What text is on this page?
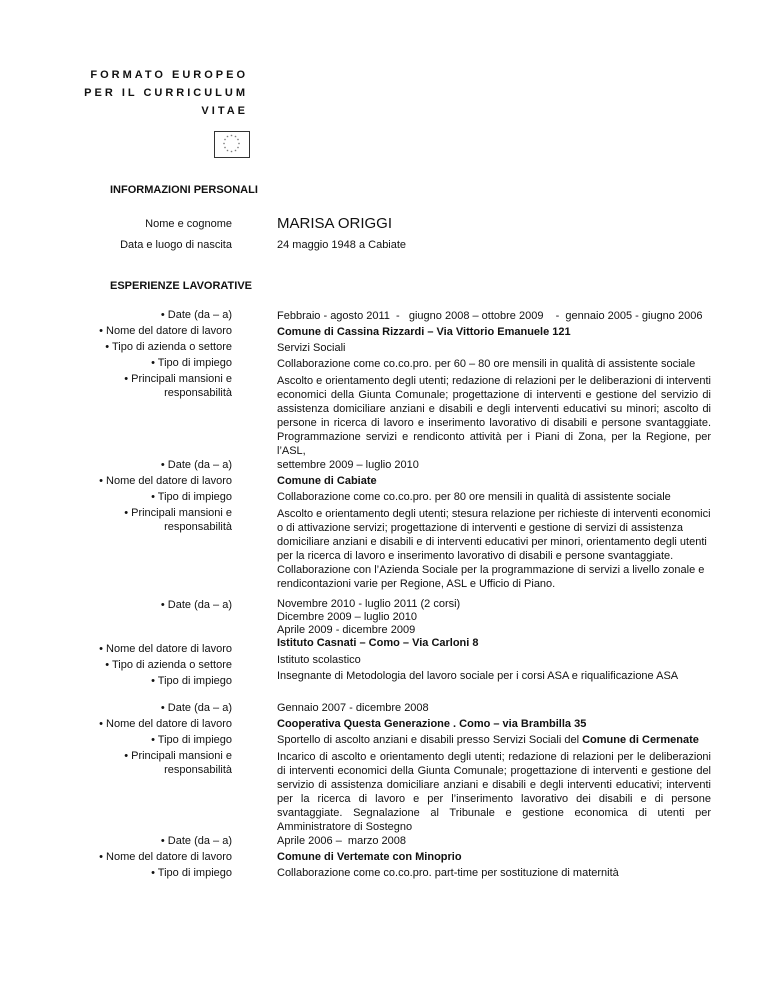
FORMATO EUROPEO
PER IL CURRICULUM
VITAE
* *
*
*
*
*
*
*
*
*
*
*
INFORMAZIONI PERSONALI
Nome e cognome	MARISA ORIGGI
Data e luogo di nascita	24 maggio 1948 a Cabiate
ESPERIENZE LAVORATIVE
• Date (da – a)
• Nome del datore di lavoro
• Tipo di azienda o settore
• Tipo di impiego
• Principali mansioni e
responsabilità
Febbraio - agosto 2011  -   giugno 2008 – ottobre 2009    -  gennaio 2005 - giugno 2006
Comune di Cassina Rizzardi – Via Vittorio Emanuele 121
Servizi Sociali
Collaborazione come co.co.pro. per 60 – 80 ore mensili in qualità di assistente sociale
Ascolto e orientamento degli utenti; redazione di relazioni per le deliberazioni di interventi economici della Giunta Comunale; progettazione di interventi e gestione del servizio di assistenza domiciliare anziani e disabili e degli interventi educativi su minori; ascolto di persone in ricerca di lavoro e inserimento lavorativo di disabili e persone svantaggiate. Programmazione servizi e rendiconto attività per i Piani di Zona, per la Regione, per l’ASL,
• Date (da – a)
• Nome del datore di lavoro
• Tipo di impiego
• Principali mansioni e
responsabilità
settembre 2009 – luglio 2010
Comune di Cabiate
Collaborazione come co.co.pro. per 80 ore mensili in qualità di assistente sociale
Ascolto e orientamento degli utenti; stesura relazione per richieste di interventi economici o di attivazione servizi; progettazione di interventi e gestione di servizi di assistenza domiciliare anziani e disabili e di interventi educativi per minori, orientamento degli utenti per la ricerca di lavoro e inserimento lavorativo di disabili e persone svantaggiate. Collaborazione con l’Azienda Sociale per la programmazione di servizi a livello zonale e rendicontazioni varie per Regione, ASL e Ufficio di Piano.
• Date (da – a)
• Nome del datore di lavoro
• Tipo di azienda o settore
• Tipo di impiego
Novembre 2010 - luglio 2011 (2 corsi)
Dicembre 2009 – luglio 2010
Aprile 2009 - dicembre 2009
Istituto Casnati – Como – Via Carloni 8
Istituto scolastico
Insegnante di Metodologia del lavoro sociale per i corsi ASA e riqualificazione ASA
• Date (da – a)
• Nome del datore di lavoro
• Tipo di impiego
• Principali mansioni e
responsabilità
Gennaio 2007 - dicembre 2008
Cooperativa Questa Generazione . Como – via Brambilla 35
Sportello di ascolto anziani e disabili presso Servizi Sociali del Comune di Cermenate
Incarico di ascolto e orientamento degli utenti; redazione di relazioni per le deliberazioni di interventi economici della Giunta Comunale; progettazione di interventi e gestione del servizio di assistenza domiciliare anziani e disabili e degli interventi educativi; interventi per la ricerca di lavoro e per l’inserimento lavorativo dei disabili e di persone svantaggiate. Segnalazione al Tribunale e gestione economica di utenti per Amministratore di Sostegno
• Date (da – a)
• Nome del datore di lavoro
• Tipo di impiego
Aprile 2006 –  marzo 2008
Comune di Vertemate con Minoprio
Collaborazione come co.co.pro. part-time per sostituzione di maternità
